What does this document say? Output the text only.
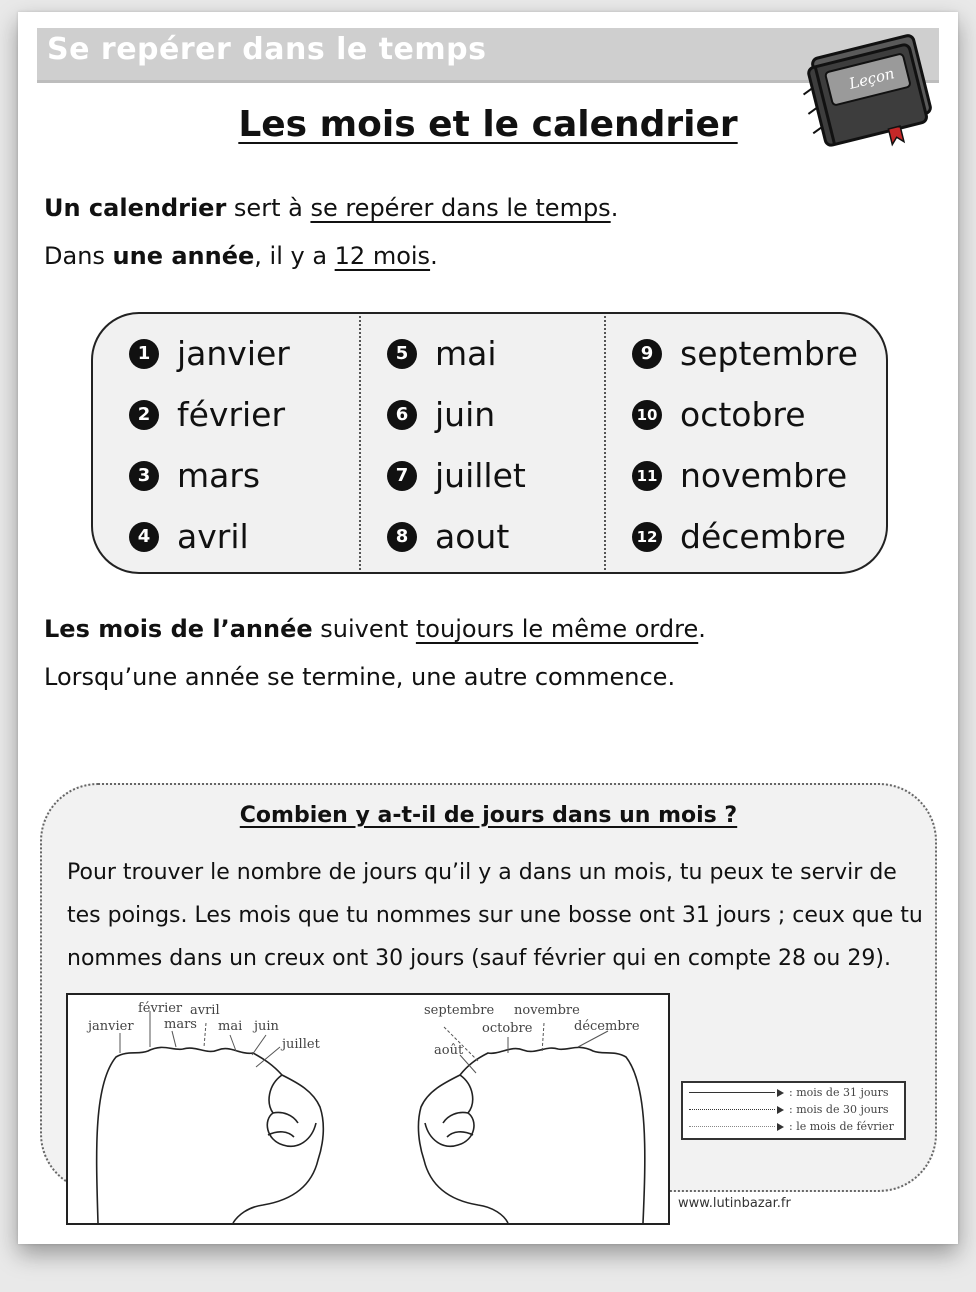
Se repérer dans le temps
Leçon
Les mois et le calendrier
Un calendrier sert à se repérer dans le temps.
Dans une année, il y a 12 mois.
1 janvier
2 février
3 mars
4 avril
5 mai
6 juin
7 juillet
8 aout
9 septembre
10 octobre
11 novembre
12 décembre
Les mois de l’année suivent toujours le même ordre.
Lorsqu’une année se termine, une autre commence.
Combien y a-t-il de jours dans un mois ?
Pour trouver le nombre de jours qu’il y a dans un mois, tu peux te servir de
tes poings. Les mois que tu nommes sur une bosse ont 31 jours ; ceux que tu
nommes dans un creux ont 30 jours (sauf février qui en compte 28 ou 29).
janvier
février avril
mars mai juin
juillet
septembre novembre
octobre	décembre
août
: mois de 31 jours
: mois de 30 jours
: le mois de février
www.lutinbazar.fr
